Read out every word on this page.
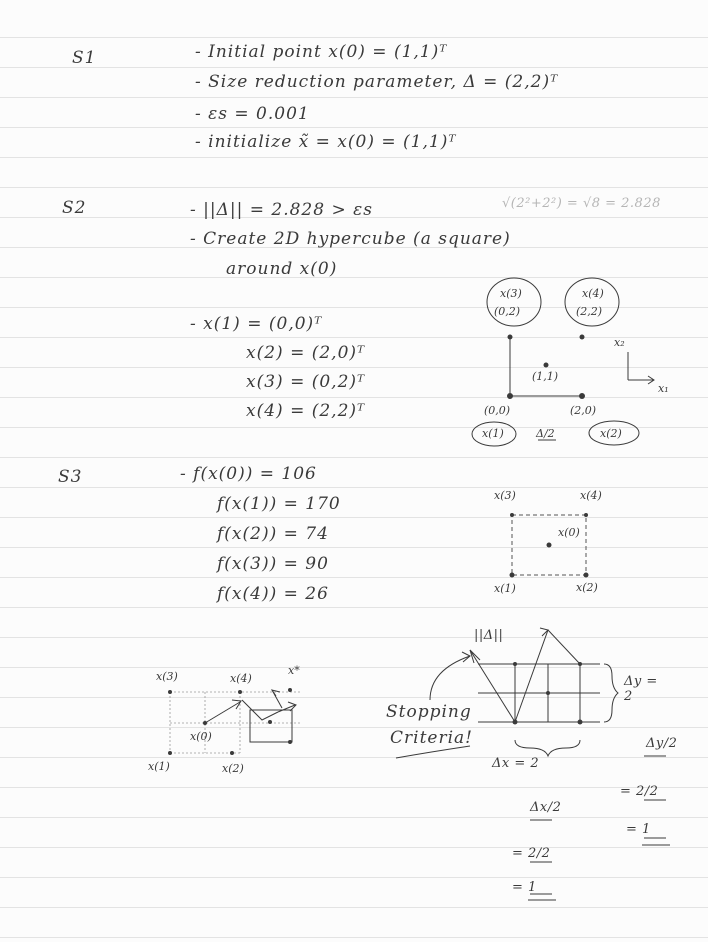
S1	- Initial point x(0) = (1,1)ᵀ
- Size reduction parameter, Δ = (2,2)ᵀ
- εs = 0.001
- initialize x̃ = x(0) = (1,1)ᵀ
S2	- ||Δ|| = 2.828 > εs	√(2²+2²) = √8 = 2.828
- Create 2D hypercube (a square)
around x(0)
- x(1) = (0,0)ᵀ
x(2) = (2,0)ᵀ
x(3) = (0,2)ᵀ
x(4) = (2,2)ᵀ
S3	- f(x(0)) = 106
f(x(1)) = 170
f(x(2)) = 74
f(x(3)) = 90
f(x(4)) = 26
x(3)
(0,2)
x(4)
(2,2)
(1,1)
(0,0)
x(1)
(2,0)
x(2)
Δ/2
x₂
x₁
x(3)	x(4)
x(0)
x(1)	x(2)
x(3)	x(4)
x*
x(0)
x(1)	x(2)
||Δ||
Δy = 2
Stopping
Criteria!
Δx = 2
Δx/2
= 2/2
= 1
Δy/2
= 2/2
= 1
